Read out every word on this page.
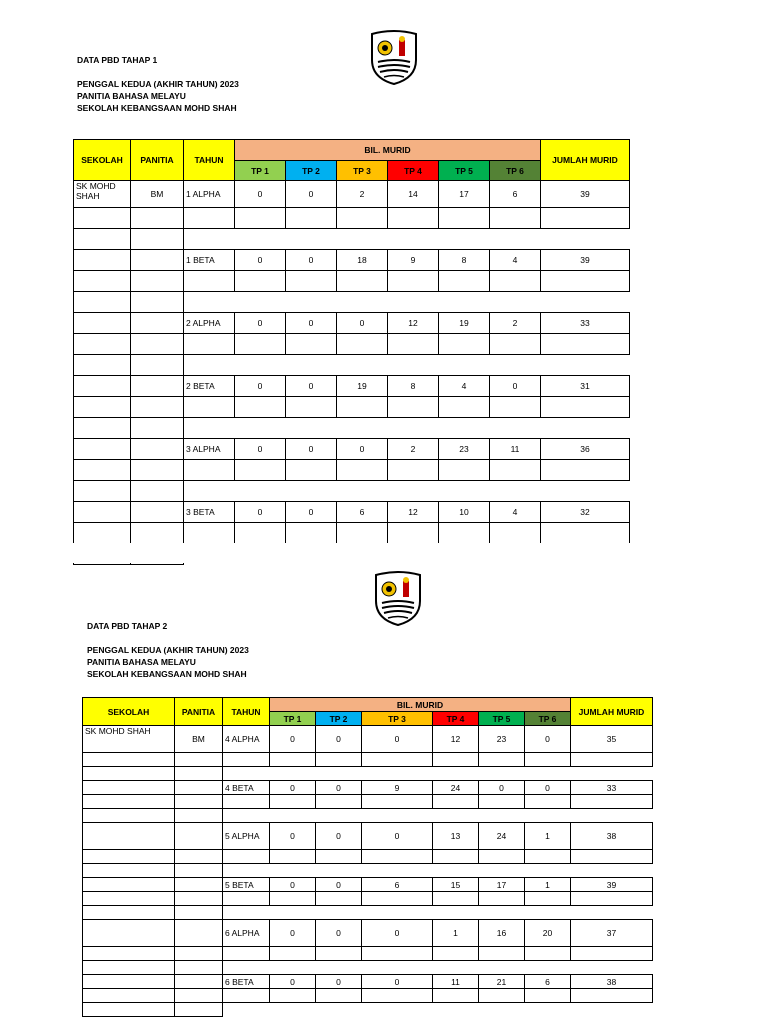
DATA PBD TAHAP 1
PENGGAL KEDUA (AKHIR TAHUN) 2023
PANITIA BAHASA MELAYU
SEKOLAH KEBANGSAAN MOHD SHAH
SEKOLAH	PANITIA	TAHUN	BIL. MURID						JUMLAH MURID
			TP 1	TP 2	TP 3	TP 4	TP 5	TP 6	
SK MOHD SHAH	BM	1 ALPHA	0	0	2	14	17	6	39

		1 BETA	0	0	18	9	8	4	39

		2 ALPHA	0	0	0	12	19	2	33

		2 BETA	0	0	19	8	4	0	31

		3 ALPHA	0	0	0	2	23	11	36

		3 BETA	0	0	6	12	10	4	32

DATA PBD TAHAP 2
PENGGAL KEDUA (AKHIR TAHUN) 2023
PANITIA BAHASA MELAYU
SEKOLAH KEBANGSAAN MOHD SHAH
SEKOLAH	PANITIA	TAHUN	BIL. MURID						JUMLAH MURID
			TP 1	TP 2	TP 3	TP 4	TP 5	TP 6	
SK MOHD SHAH	BM	4 ALPHA	0	0	0	12	23	0	35

		4 BETA	0	0	9	24	0	0	33

		5 ALPHA	0	0	0	13	24	1	38

		5 BETA	0	0	6	15	17	1	39

		6 ALPHA	0	0	0	1	16	20	37

		6 BETA	0	0	0	11	21	6	38
